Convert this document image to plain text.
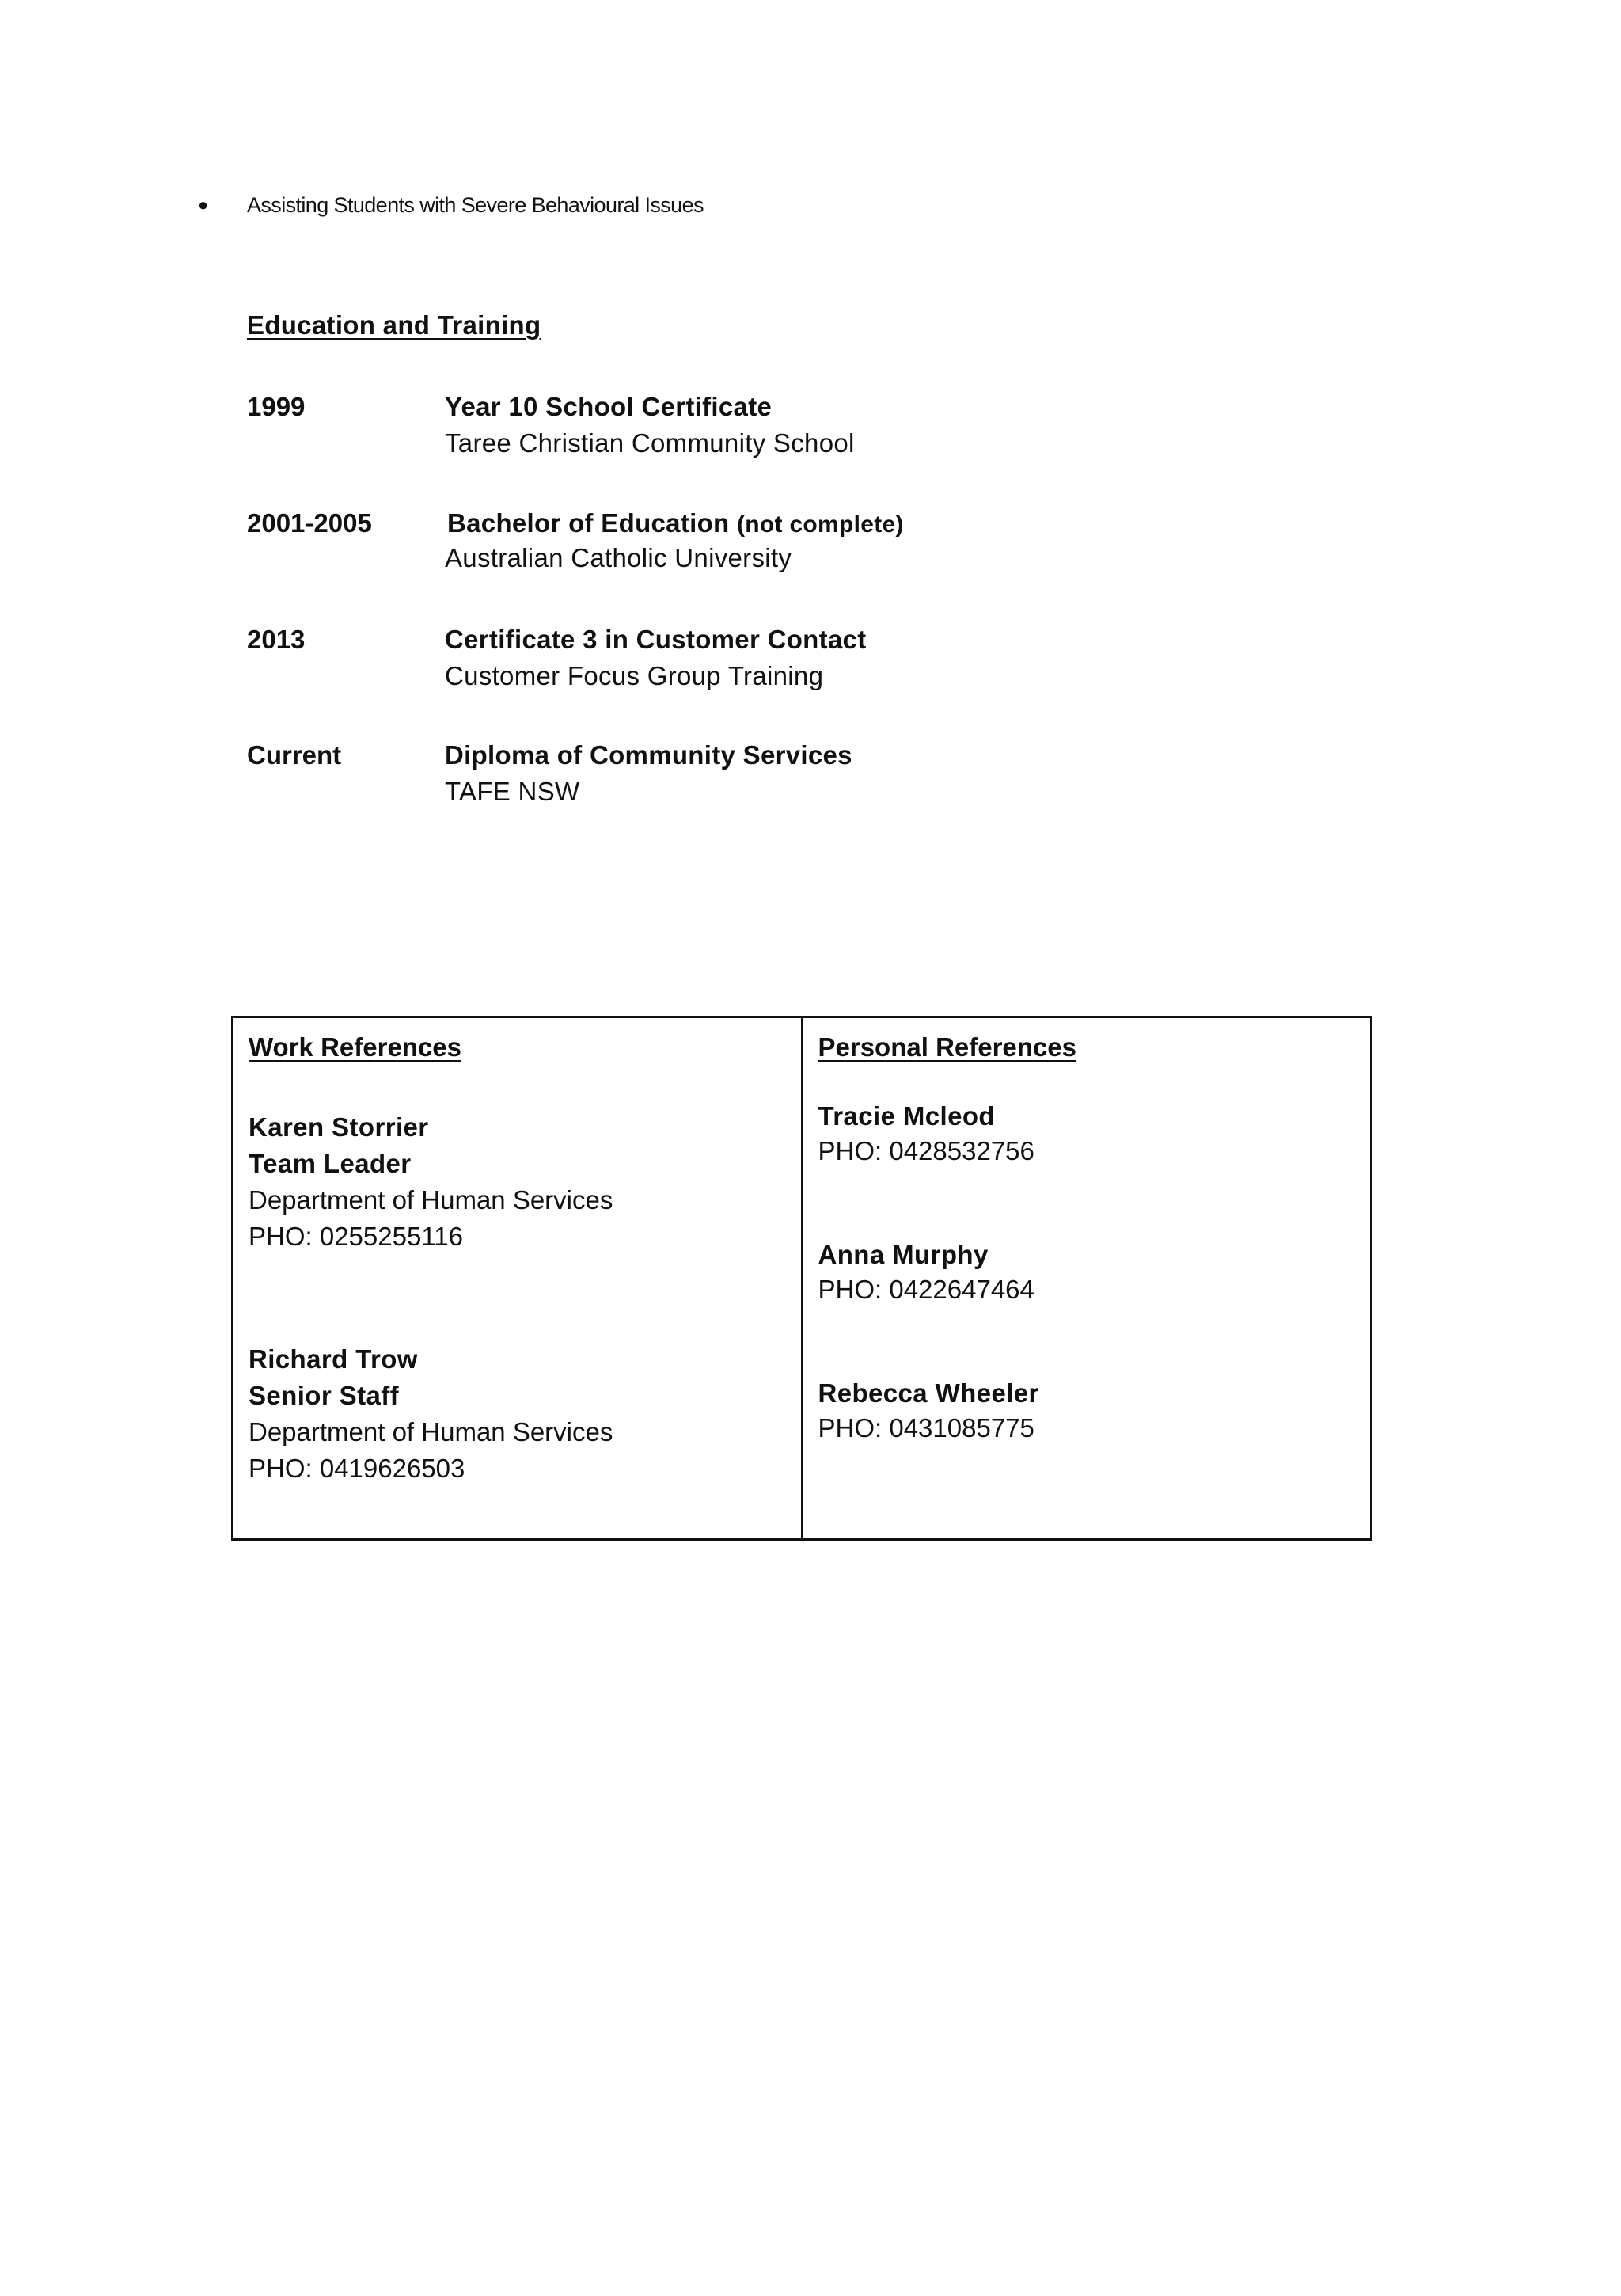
● Assisting Students with Severe Behavioural Issues
Education and Training
1999	Year 10 School Certificate
Taree Christian Community School
2001-2005	Bachelor of Education (not complete)
Australian Catholic University
2013	Certificate 3 in Customer Contact
Customer Focus Group Training
Current	Diploma of Community Services
TAFE NSW
Work References
Karen Storrier
Team Leader
Department of Human Services
PHO: 0255255116
Richard Trow
Senior Staff
Department of Human Services
PHO: 0419626503
Personal References
Tracie Mcleod
PHO: 0428532756
Anna Murphy
PHO: 0422647464
Rebecca Wheeler
PHO: 0431085775
